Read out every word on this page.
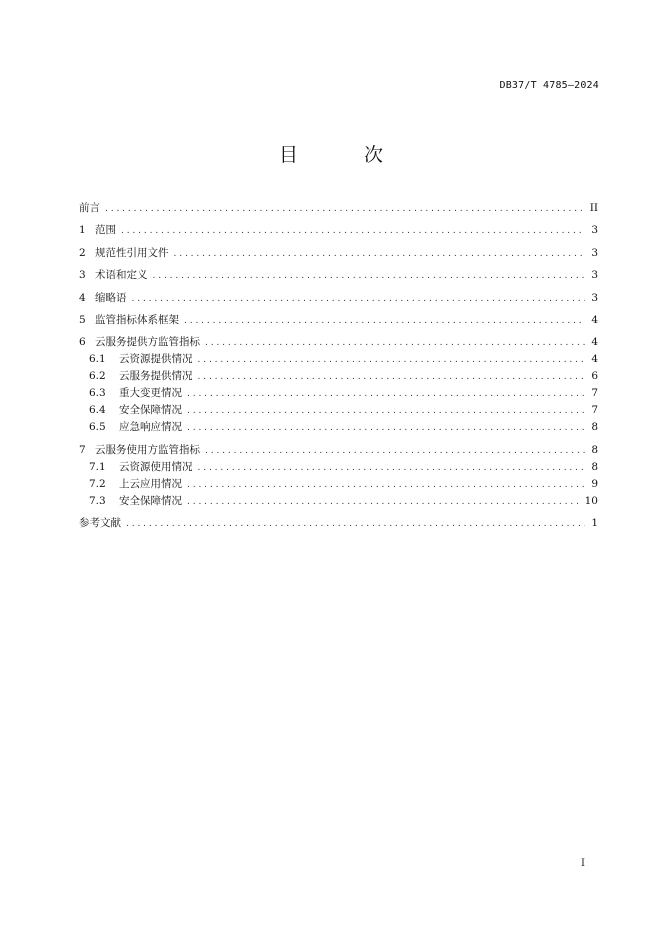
DB37/T 4785—2024
目 次
前言 . . .	II
1 范围 . . .	3
2 规范性引用文件 . . .	3
3 术语和定义 . . .	3
4 缩略语 . . .	3
5 监管指标体系框架 . . .	4
6 云服务提供方监管指标 . . .	4
6.1	云资源提供情况 . . .	4
6.2	云服务提供情况 . . .	6
6.3	重大变更情况 . . .	7
6.4	安全保障情况 . . .	7
6.5	应急响应情况 . . .	8
7 云服务使用方监管指标 . . .	8
7.1	云资源使用情况 . . .	8
7.2	上云应用情况 . . .	9
7.3	安全保障情况 . . .	10
参考文献 . . .	1
I
